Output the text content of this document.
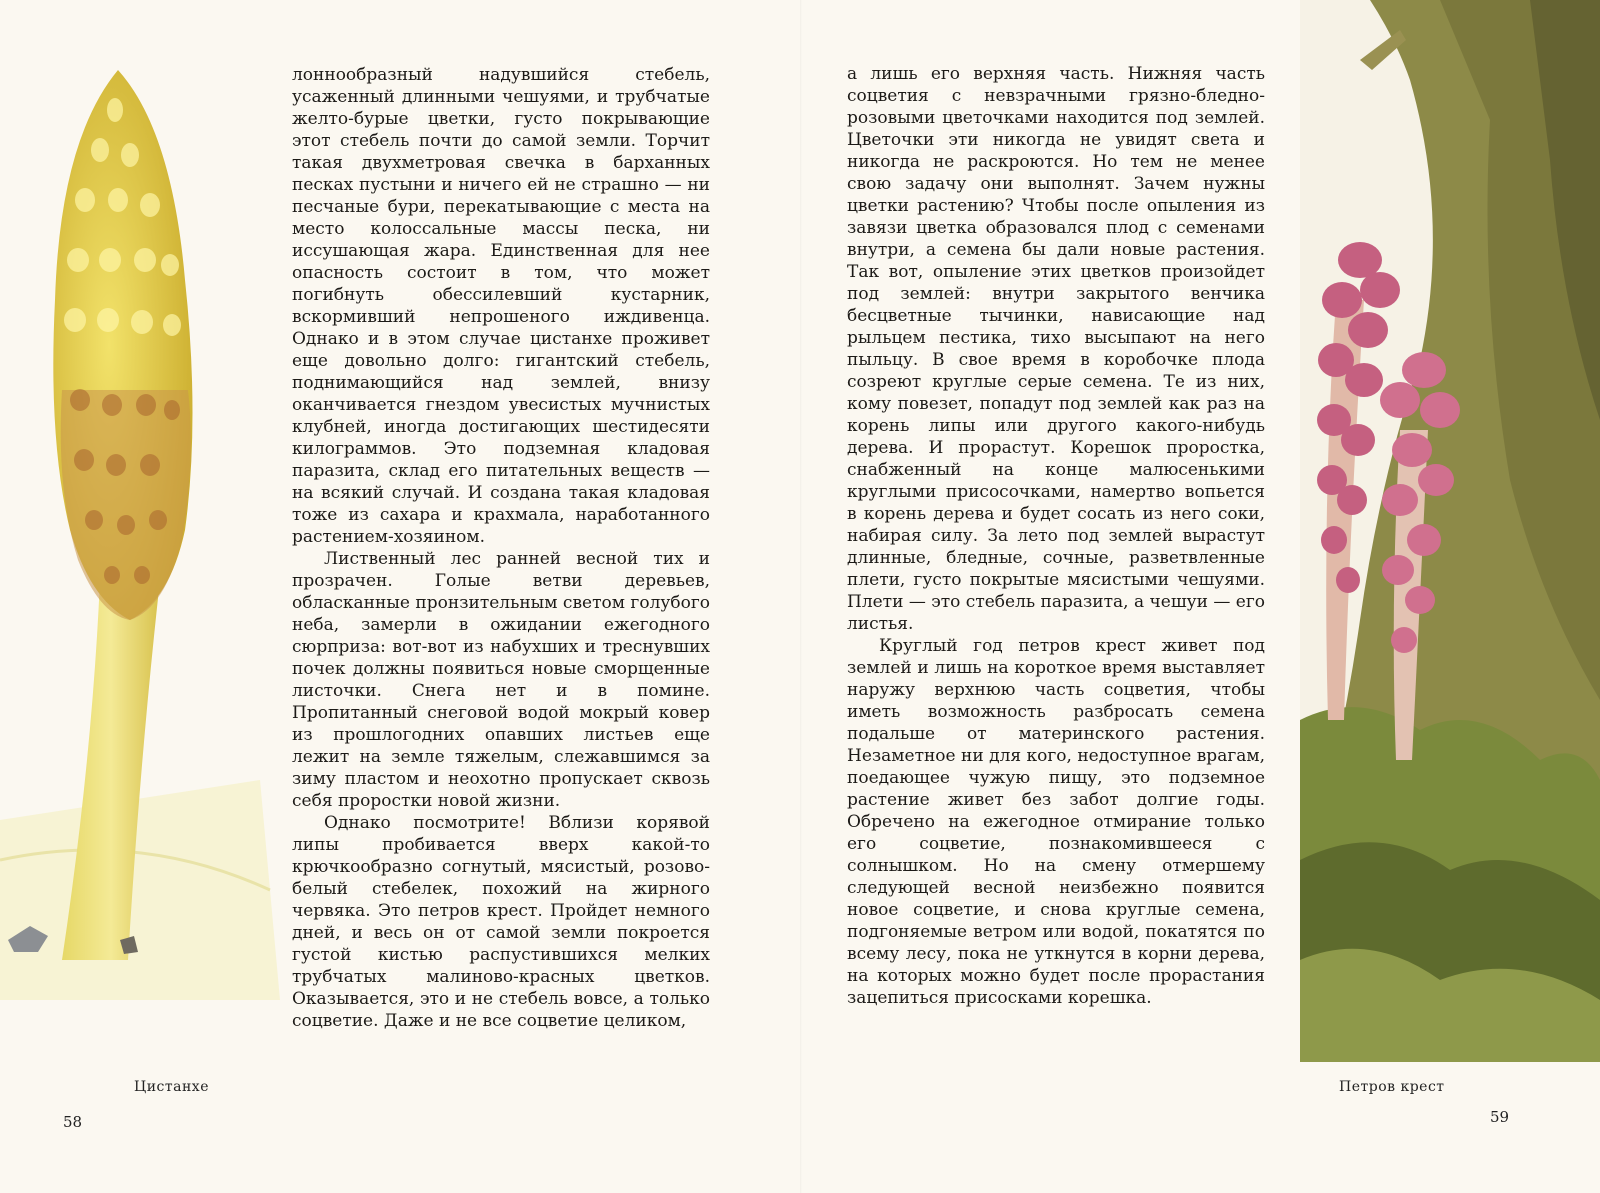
лоннообразный надувшийся стебель, усаженный длинными чешуями, и трубчатые желто-бурые цветки, густо покрывающие этот стебель почти до самой земли. Торчит такая двухметровая свечка в барханных песках пустыни и ничего ей не страшно — ни песчаные бури, перекатывающие с места на место колоссальные массы песка, ни иссушающая жара. Единственная для нее опасность состоит в том, что может погибнуть обессилевший кустарник, вскормивший непрошеного иждивенца. Однако и в этом случае цистанхе проживет еще довольно долго: гигантский стебель, поднимающийся над землей, внизу оканчивается гнездом увесистых мучнистых клубней, иногда достигающих шестидесяти килограммов. Это подземная кладовая паразита, склад его питательных веществ — на всякий случай. И создана такая кладовая тоже из сахара и крахмала, наработанного растением-хозяином.

Лиственный лес ранней весной тих и прозрачен. Голые ветви деревьев, обласканные пронзительным светом голубого неба, замерли в ожидании ежегодного сюрприза: вот-вот из набухших и треснувших почек должны появиться новые сморщенные листочки. Снега нет и в помине. Пропитанный снеговой водой мокрый ковер из прошлогодних опавших листьев еще лежит на земле тяжелым, слежавшимся за зиму пластом и неохотно пропускает сквозь себя проростки новой жизни.

Однако посмотрите! Вблизи корявой липы пробивается вверх какой-то крючкообразно согнутый, мясистый, розово-белый стебелек, похожий на жирного червяка. Это петров крест. Пройдет немного дней, и весь он от самой земли покроется густой кистью распустившихся мелких трубчатых малиново-красных цветков. Оказывается, это и не стебель вовсе, а только соцветие. Даже и не все соцветие целиком,

а лишь его верхняя часть. Нижняя часть соцветия с невзрачными грязно-бледно-розовыми цветочками находится под землей. Цветочки эти никогда не увидят света и никогда не раскроются. Но тем не менее свою задачу они выполнят. Зачем нужны цветки растению? Чтобы после опыления из завязи цветка образовался плод с семенами внутри, а семена бы дали новые растения. Так вот, опыление этих цветков произойдет под землей: внутри закрытого венчика бесцветные тычинки, нависающие над рыльцем пестика, тихо высыпают на него пыльцу. В свое время в коробочке плода созреют круглые серые семена. Те из них, кому повезет, попадут под землей как раз на корень липы или другого какого-нибудь дерева. И прорастут. Корешок проростка, снабженный на конце малюсенькими круглыми присосочками, намертво вопьется в корень дерева и будет сосать из него соки, набирая силу. За лето под землей вырастут длинные, бледные, сочные, разветвленные плети, густо покрытые мясистыми чешуями. Плети — это стебель паразита, а чешуи — его листья.

Круглый год петров крест живет под землей и лишь на короткое время выставляет наружу верхнюю часть соцветия, чтобы иметь возможность разбросать семена подальше от материнского растения. Незаметное ни для кого, недоступное врагам, поедающее чужую пищу, это подземное растение живет без забот долгие годы. Обречено на ежегодное отмирание только его соцветие, познакомившееся с солнышком. Но на смену отмершему следующей весной неизбежно появится новое соцветие, и снова круглые семена, подгоняемые ветром или водой, покатятся по всему лесу, пока не уткнутся в корни дерева, на которых можно будет после прорастания зацепиться присосками корешка.

Цистанхе	Петров крест
58	59
